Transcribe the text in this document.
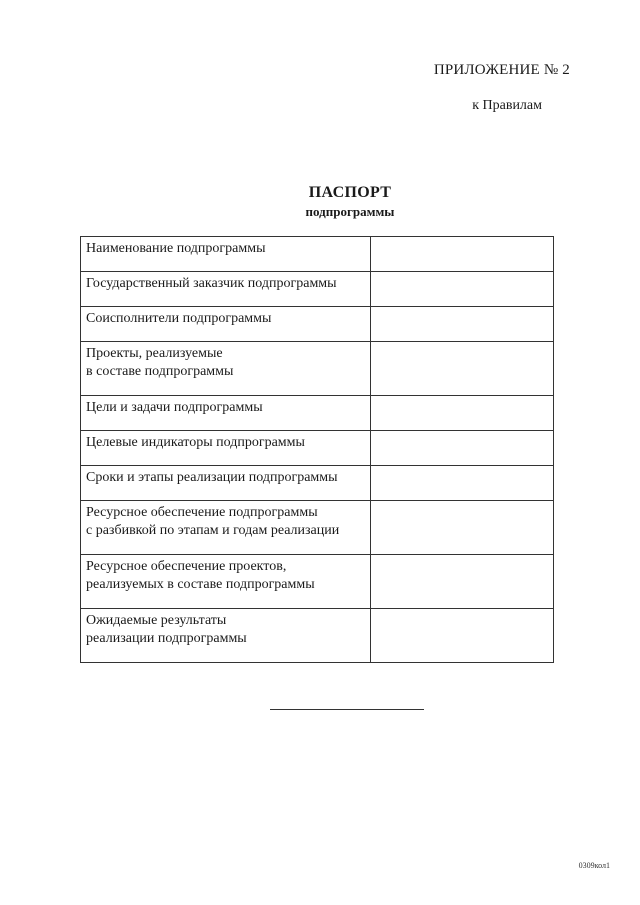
ПРИЛОЖЕНИЕ № 2
к Правилам
ПАСПОРТ
подпрограммы
Наименование подпрограммы	

Государственный заказчик подпрограммы	

Соисполнители подпрограммы	

Проекты, реализуемые
в составе подпрограммы	

Цели и задачи подпрограммы	

Целевые индикаторы подпрограммы	

Сроки и этапы реализации подпрограммы	

Ресурсное обеспечение подпрограммы
с разбивкой по этапам и годам реализации	

Ресурсное обеспечение проектов,
реализуемых в составе подпрограммы	

Ожидаемые результаты
реализации подпрограммы	

0309кол1
